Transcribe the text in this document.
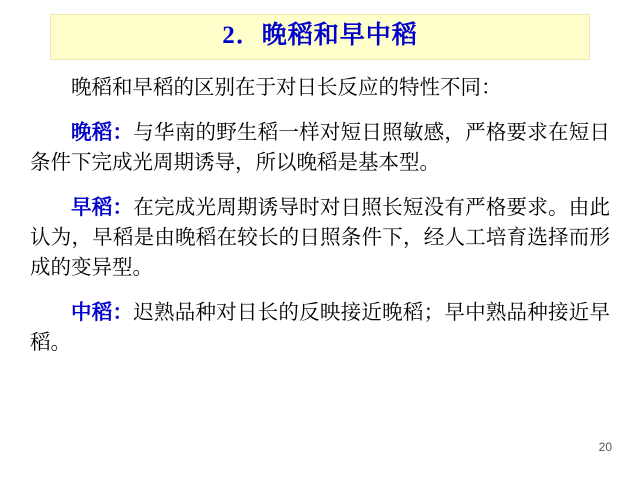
2．晚稻和早中稻

晚稻和早稻的区别在于对日长反应的特性不同：

晚稻：与华南的野生稻一样对短日照敏感，严格要求在短日条件下完成光周期诱导，所以晚稻是基本型。

早稻：在完成光周期诱导时对日照长短没有严格要求。由此认为，早稻是由晚稻在较长的日照条件下，经人工培育选择而形成的变异型。

中稻：迟熟品种对日长的反映接近晚稻；早中熟品种接近早稻。

20
